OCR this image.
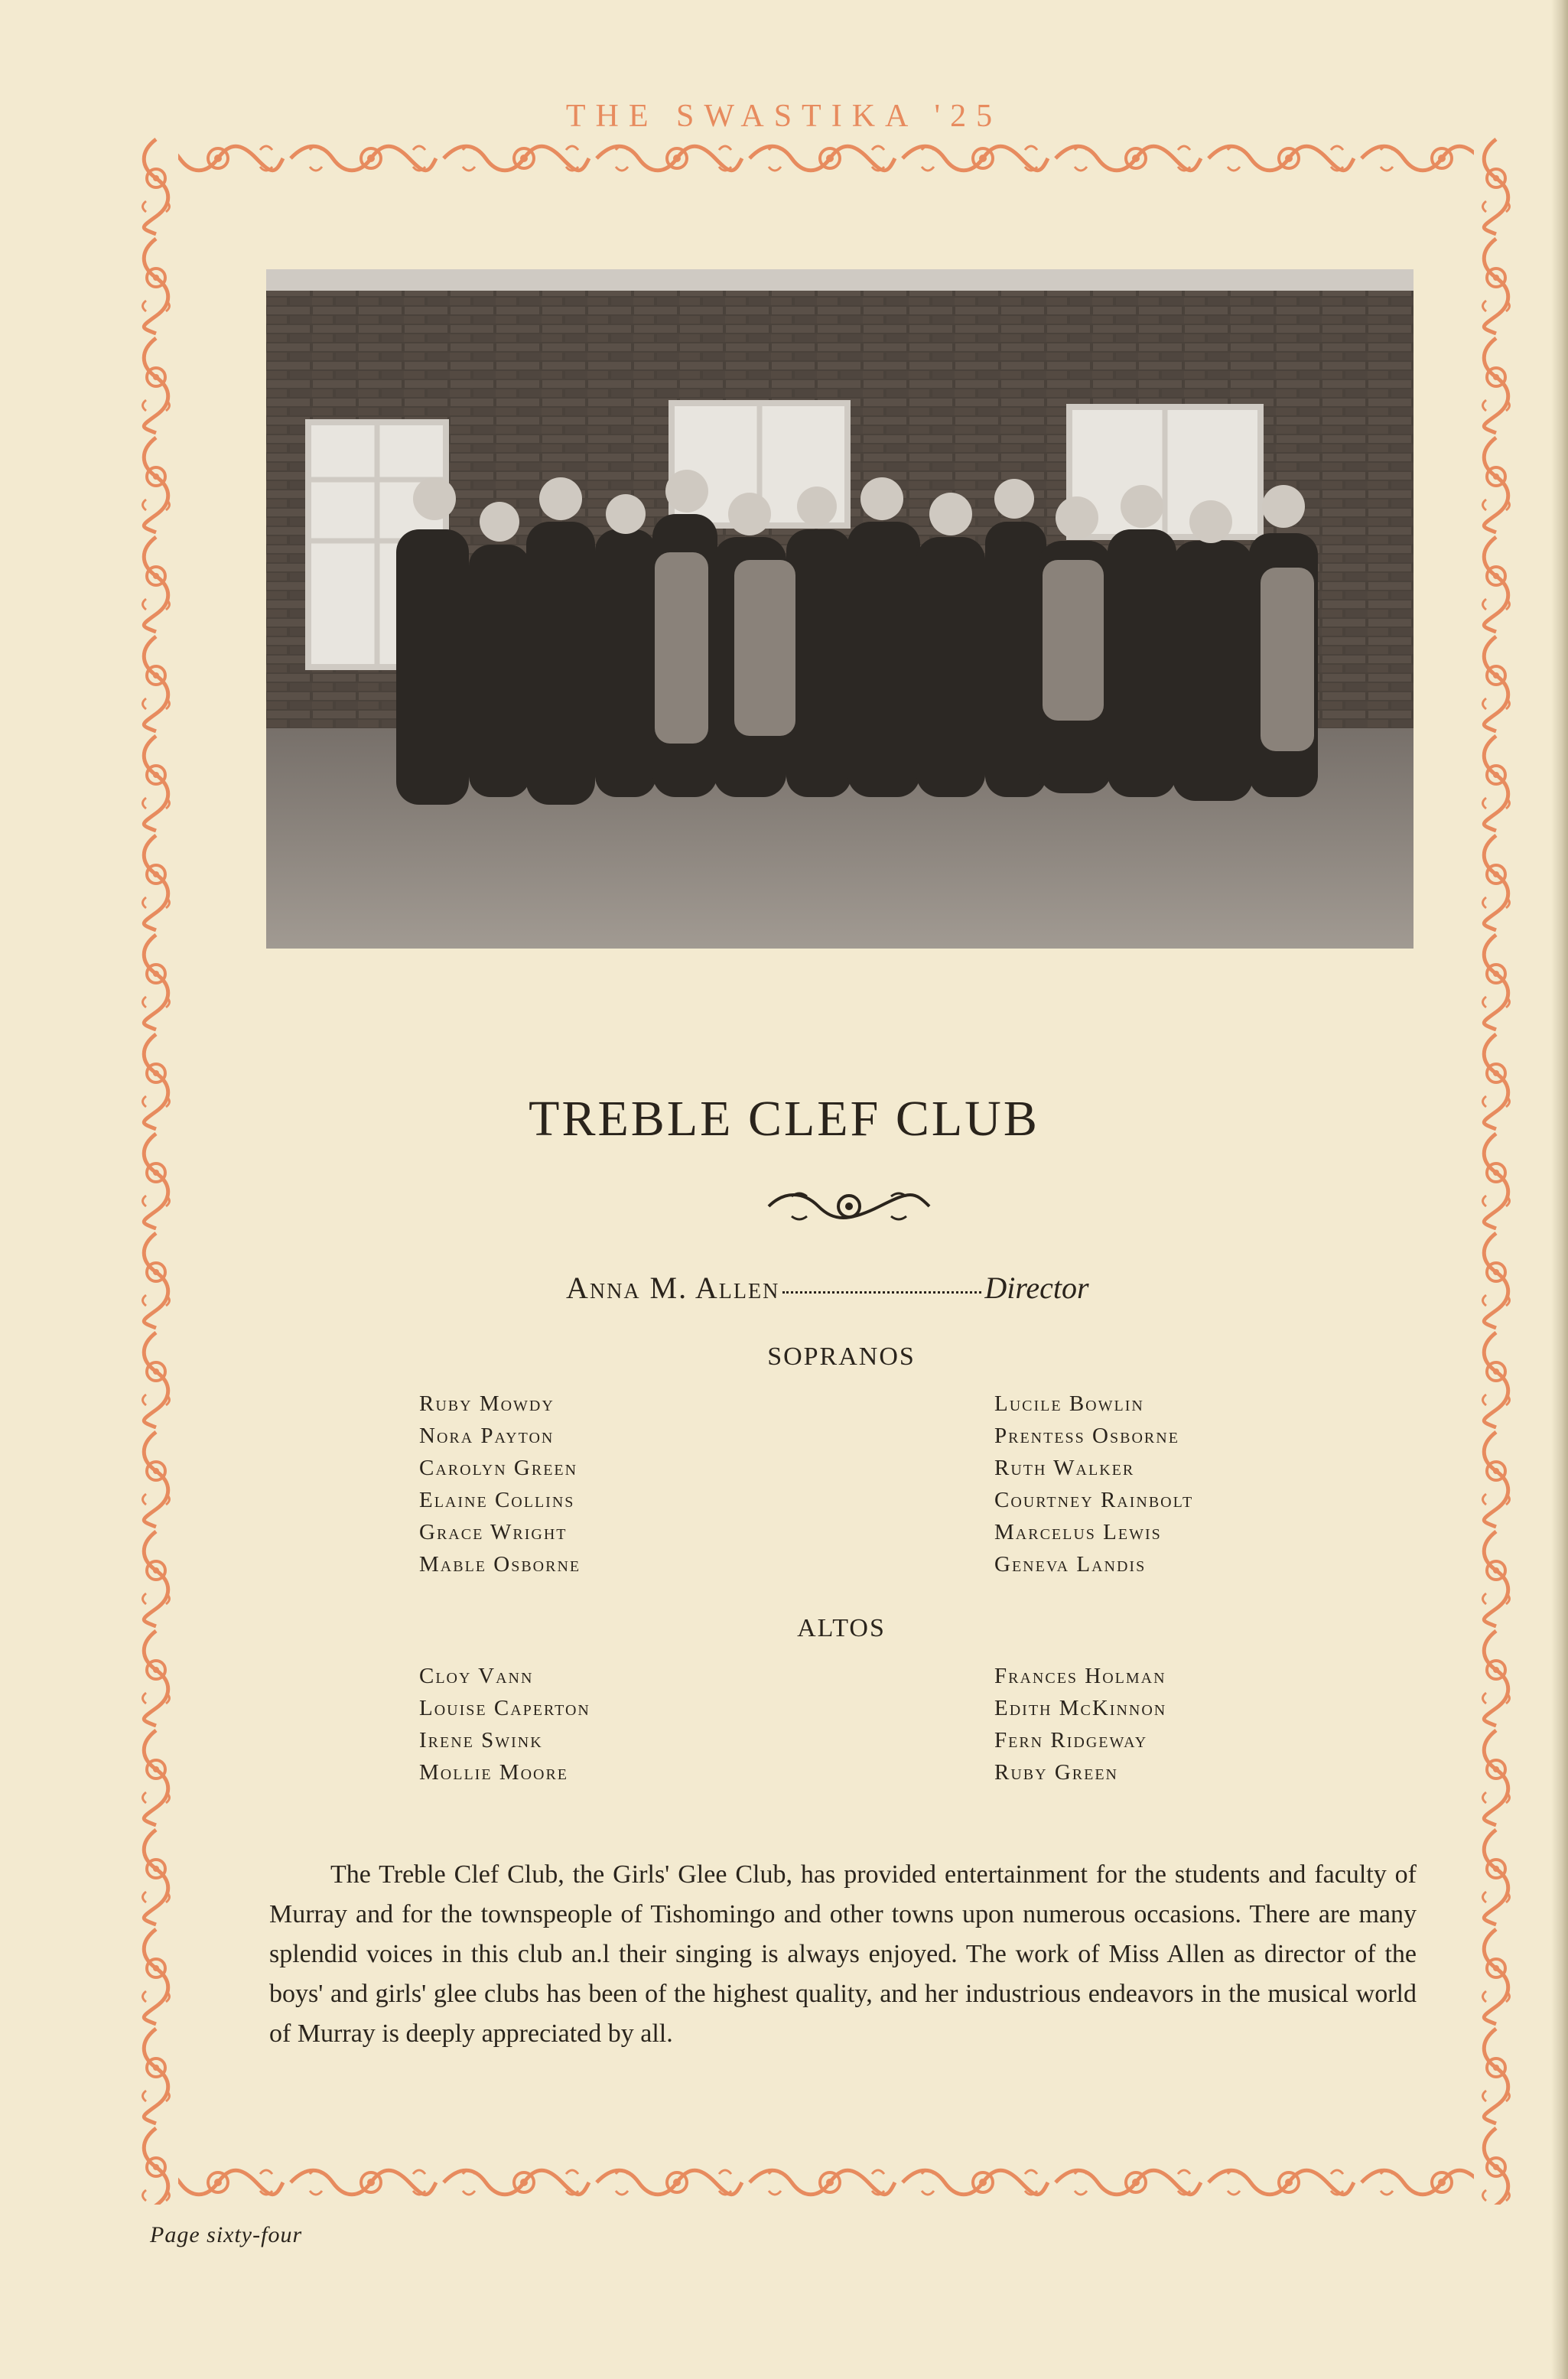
THE SWASTIKA '25
TREBLE CLEF CLUB
Anna M. Allen	Director
SOPRANOS
Ruby Mowdy
Nora Payton
Carolyn Green
Elaine Collins
Grace Wright
Mable Osborne
Lucile Bowlin
Prentess Osborne
Ruth Walker
Courtney Rainbolt
Marcelus Lewis
Geneva Landis
ALTOS
Cloy Vann
Louise Caperton
Irene Swink
Mollie Moore
Frances Holman
Edith McKinnon
Fern Ridgeway
Ruby Green
The Treble Clef Club, the Girls' Glee Club, has provided entertainment for the students and faculty of Murray and for the townspeople of Tishomingo and other towns upon numerous occasions. There are many splendid voices in this club an.l their singing is always enjoyed. The work of Miss Allen as director of the boys' and girls' glee clubs has been of the highest quality, and her industrious endeavors in the musical world of Murray is deeply appreciated by all.
Page sixty-four
